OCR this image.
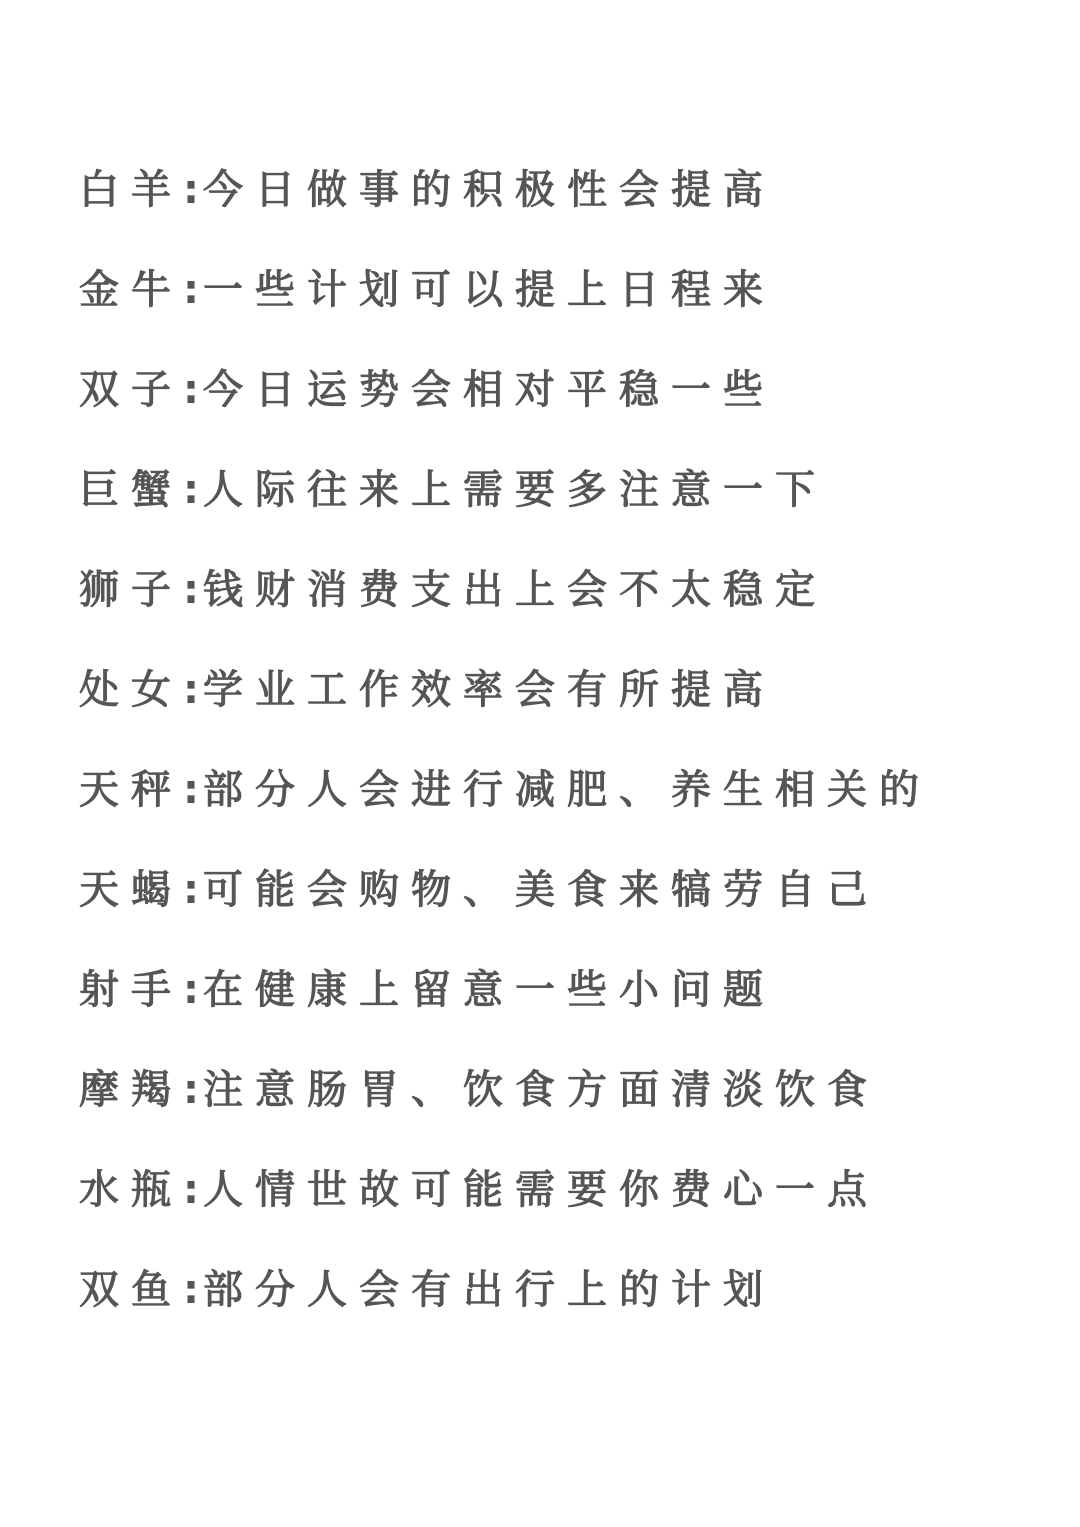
白羊:今日做事的积极性会提高
金牛:一些计划可以提上日程来
双子:今日运势会相对平稳一些
巨蟹:人际往来上需要多注意一下
狮子:钱财消费支出上会不太稳定
处女:学业工作效率会有所提高
天秤:部分人会进行减肥、养生相关的
天蝎:可能会购物、美食来犒劳自己
射手:在健康上留意一些小问题
摩羯:注意肠胃、饮食方面清淡饮食
水瓶:人情世故可能需要你费心一点
双鱼:部分人会有出行上的计划
